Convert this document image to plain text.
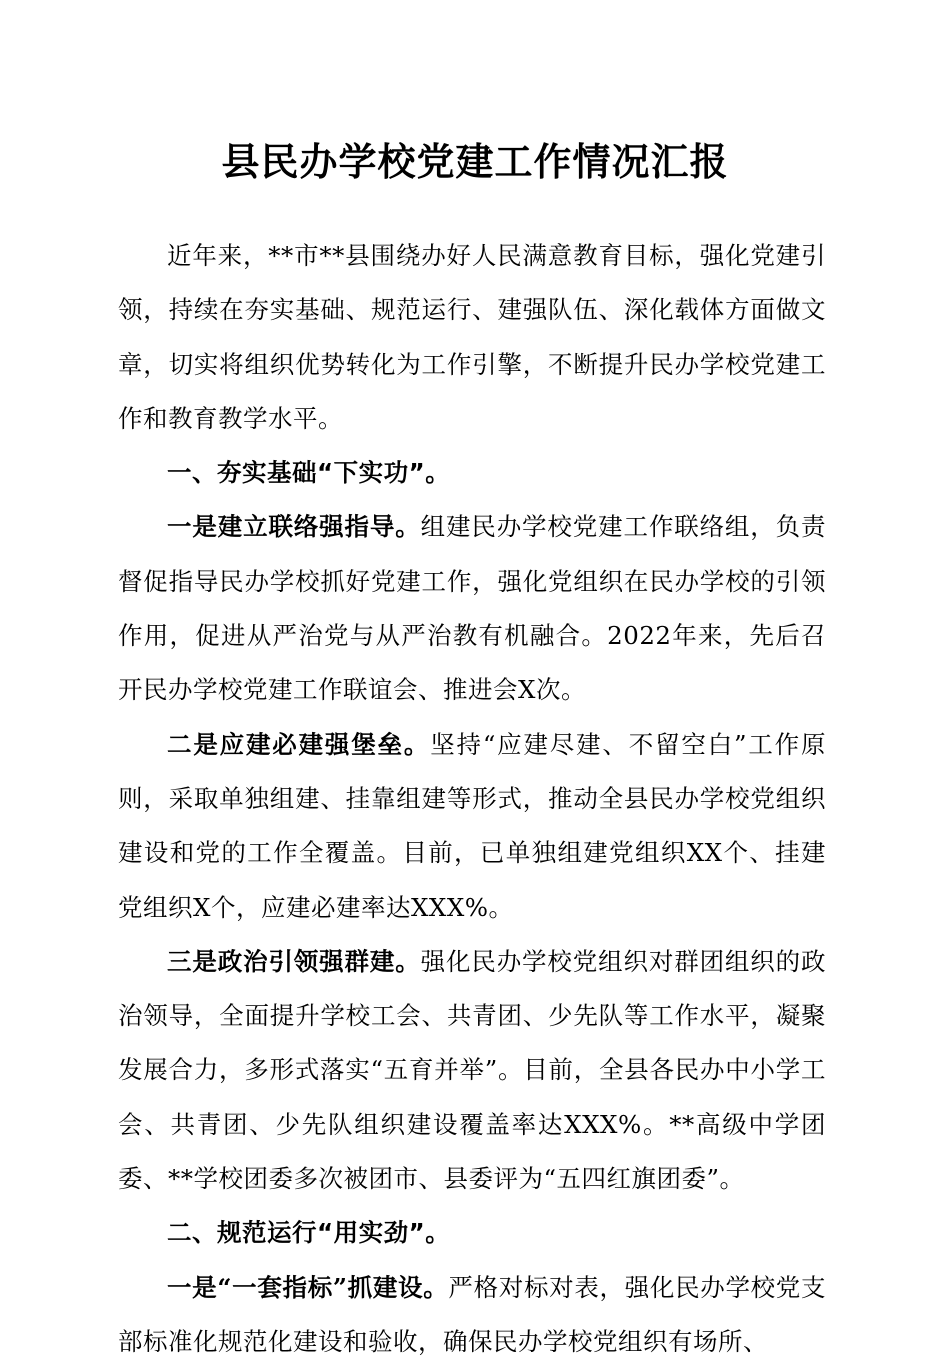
县民办学校党建工作情况汇报

近年来，**市**县围绕办好人民满意教育目标，强化党建引领，持续在夯实基础、规范运行、建强队伍、深化载体方面做文章，切实将组织优势转化为工作引擎，不断提升民办学校党建工作和教育教学水平。

一、夯实基础“下实功”。

一是建立联络强指导。组建民办学校党建工作联络组，负责督促指导民办学校抓好党建工作，强化党组织在民办学校的引领作用，促进从严治党与从严治教有机融合。2022年来，先后召开民办学校党建工作联谊会、推进会X次。

二是应建必建强堡垒。坚持“应建尽建、不留空白”工作原则，采取单独组建、挂靠组建等形式，推动全县民办学校党组织建设和党的工作全覆盖。目前，已单独组建党组织XX个、挂建党组织X个，应建必建率达XXX%。

三是政治引领强群建。强化民办学校党组织对群团组织的政治领导，全面提升学校工会、共青团、少先队等工作水平，凝聚发展合力，多形式落实“五育并举”。目前，全县各民办中小学工会、共青团、少先队组织建设覆盖率达XXX%。**高级中学团委、**学校团委多次被团市、县委评为“五四红旗团委”。

二、规范运行“用实劲”。

一是“一套指标”抓建设。严格对标对表，强化民办学校党支部标准化规范化建设和验收，确保民办学校党组织有场所、
